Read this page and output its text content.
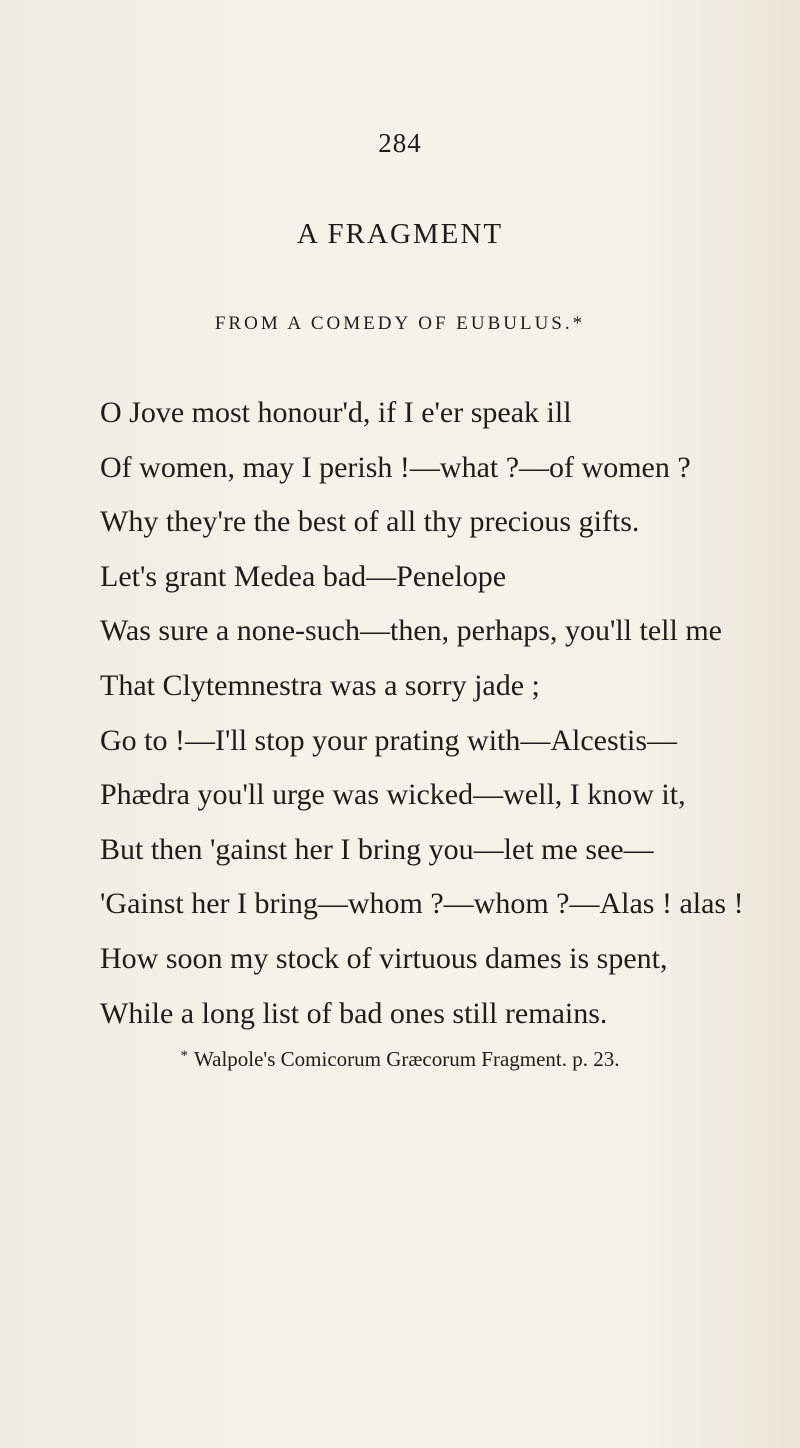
284
A FRAGMENT
FROM A COMEDY OF EUBULUS.*
O Jove most honour'd, if I e'er speak ill
Of women, may I perish !—what ?—of women ?
Why they're the best of all thy precious gifts.
Let's grant Medea bad—Penelope
Was sure a none-such—then, perhaps, you'll tell me
That Clytemnestra was a sorry jade ;
Go to !—I'll stop your prating with—Alcestis—
Phædra you'll urge was wicked—well, I know it,
But then 'gainst her I bring you—let me see—
'Gainst her I bring—whom ?—whom ?—Alas ! alas !
How soon my stock of virtuous dames is spent,
While a long list of bad ones still remains.
* Walpole's Comicorum Græcorum Fragment. p. 23.
